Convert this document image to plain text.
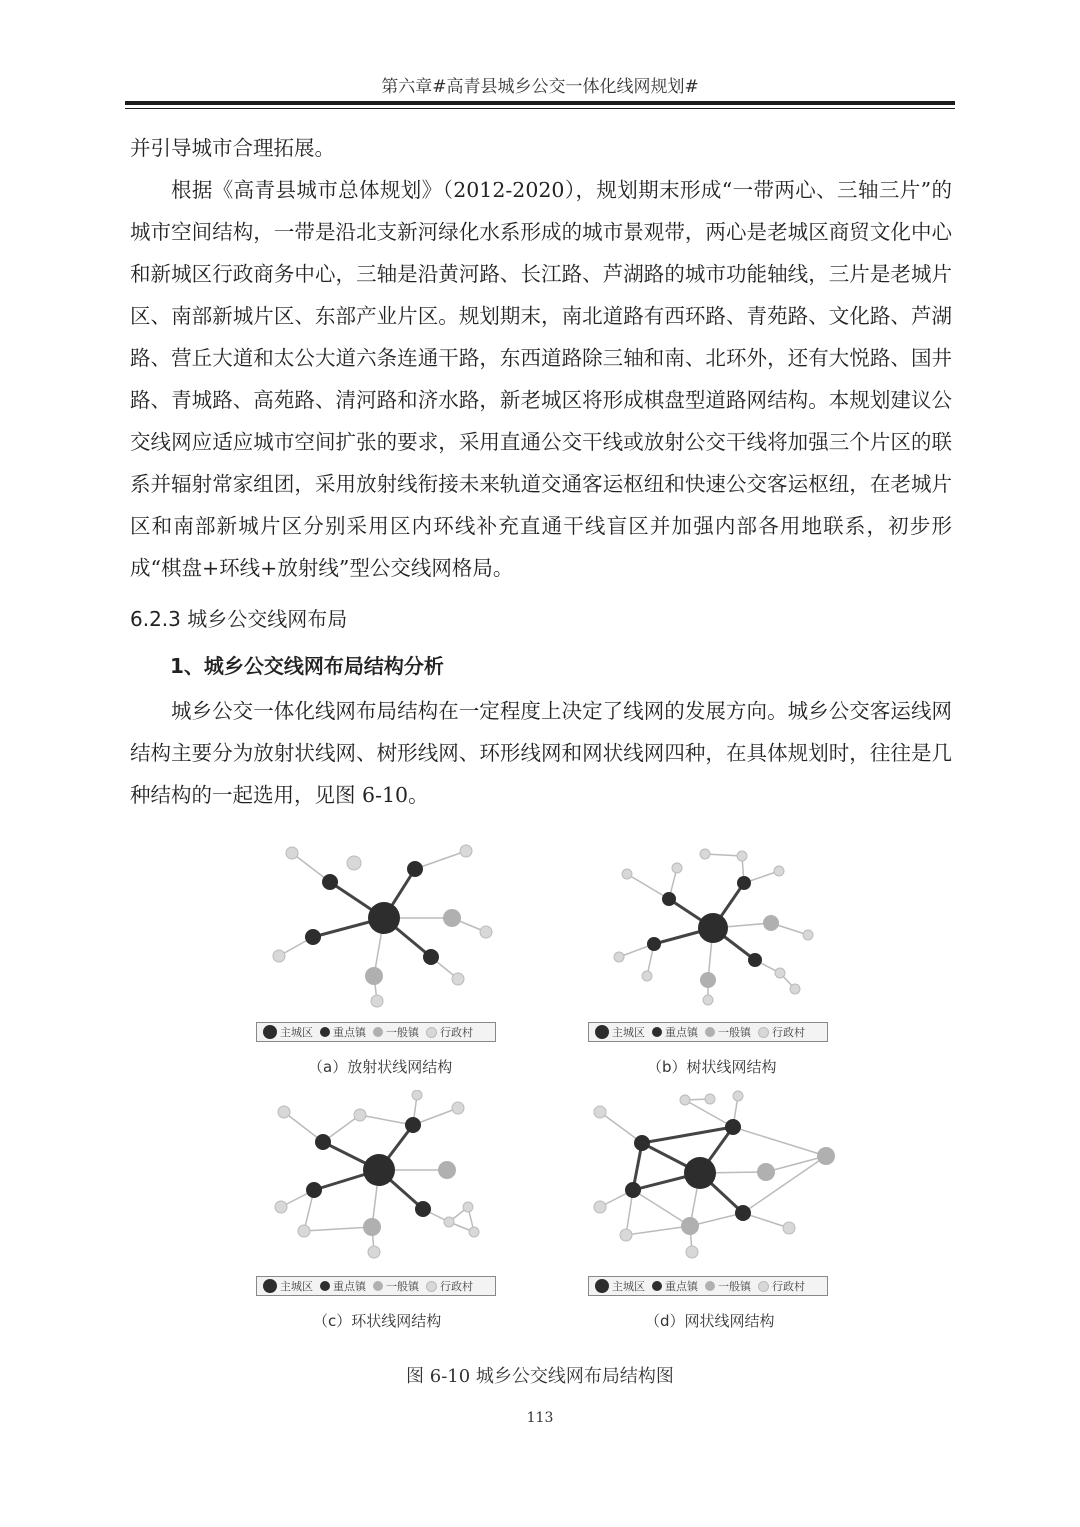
第六章#高青县城乡公交一体化线网规划#

并引导城市合理拓展。

根据《高青县城市总体规划》（2012-2020），规划期末形成“一带两心、三轴三片”的城市空间结构，一带是沿北支新河绿化水系形成的城市景观带，两心是老城区商贸文化中心和新城区行政商务中心，三轴是沿黄河路、长江路、芦湖路的城市功能轴线，三片是老城片区、南部新城片区、东部产业片区。规划期末，南北道路有西环路、青苑路、文化路、芦湖路、营丘大道和太公大道六条连通干路，东西道路除三轴和南、北环外，还有大悦路、国井路、青城路、高苑路、清河路和济水路，新老城区将形成棋盘型道路网结构。本规划建议公交线网应适应城市空间扩张的要求，采用直通公交干线或放射公交干线将加强三个片区的联系并辐射常家组团，采用放射线衔接未来轨道交通客运枢纽和快速公交客运枢纽，在老城片区和南部新城片区分别采用区内环线补充直通干线盲区并加强内部各用地联系，初步形成“棋盘+环线+放射线”型公交线网格局。

6.2.3 城乡公交线网布局
1、城乡公交线网布局结构分析

城乡公交一体化线网布局结构在一定程度上决定了线网的发展方向。城乡公交客运线网结构主要分为放射状线网、树形线网、环形线网和网状线网四种，在具体规划时，往往是几种结构的一起选用，见图 6-10。

主城区 重点镇 一般镇 行政村	主城区 重点镇 一般镇 行政村
主城区 重点镇 一般镇 行政村	主城区 重点镇 一般镇 行政村
（a）放射状线网结构	（b）树状线网结构
（c）环状线网结构	（d）网状线网结构
图 6-10 城乡公交线网布局结构图
113
